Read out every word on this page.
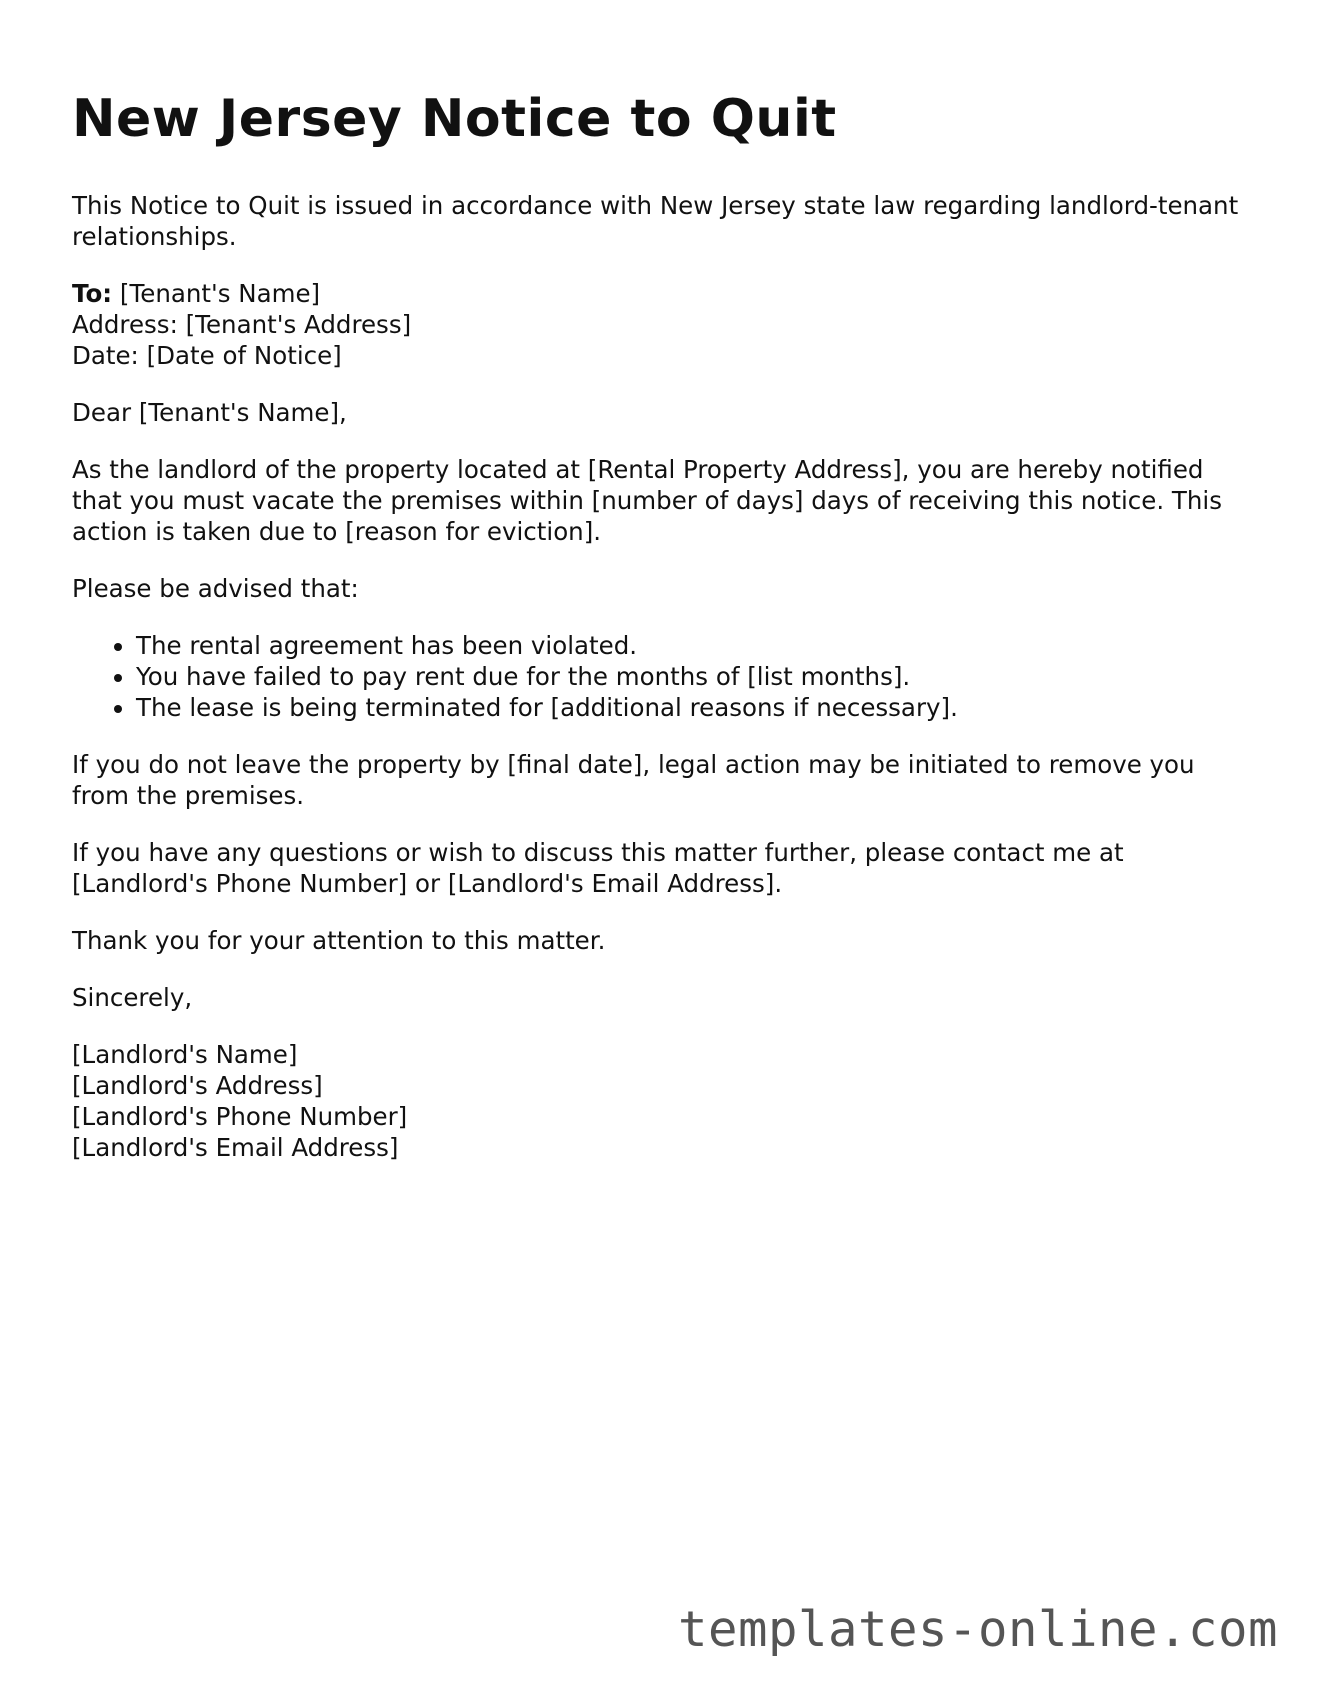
New Jersey Notice to Quit

This Notice to Quit is issued in accordance with New Jersey state law regarding landlord-tenant relationships.

To: [Tenant's Name]
Address: [Tenant's Address]
Date: [Date of Notice]

Dear [Tenant's Name],

As the landlord of the property located at [Rental Property Address], you are hereby notified that you must vacate the premises within [number of days] days of receiving this notice. This action is taken due to [reason for eviction].

Please be advised that:

• The rental agreement has been violated.
• You have failed to pay rent due for the months of [list months].
• The lease is being terminated for [additional reasons if necessary].

If you do not leave the property by [final date], legal action may be initiated to remove you from the premises.

If you have any questions or wish to discuss this matter further, please contact me at [Landlord's Phone Number] or [Landlord's Email Address].

Thank you for your attention to this matter.

Sincerely,

[Landlord's Name]
[Landlord's Address]
[Landlord's Phone Number]
[Landlord's Email Address]

templates-online.com
